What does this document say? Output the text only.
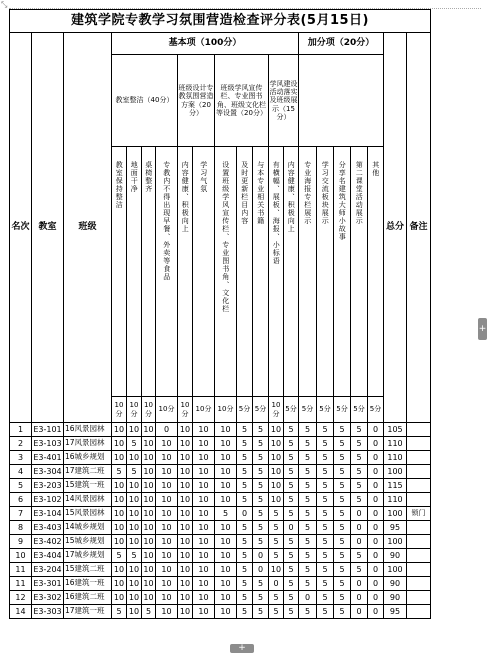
⤡
建筑学院专教学习氛围营造检查评分表(5月15日)																				
名次	教室	班级	基本项（100分）											加分项（20分）					总分	备注
			教室整洁（40分）				班级设计专教氛围营造方案（20分）		班级学风宣传栏、专业图书角、班级文化栏等设置（20分）			学风建设活动落实及班级展示（15分）								
			教室保持整洁	地面干净	桌椅整齐	专教内不得出现早餐、外卖等食品	内容健康、积极向上	学习气氛	设置班级学风宣传栏、专业图书角、文化栏	及时更新栏目内容	与本专业相关书籍	有横幅、展板、海报、小标语	内容健康、积极向上	专业海报专栏展示	学习交流板块展示	分享名建筑大师小故事	第二课堂活动展示	其他		
			10分	10分	10分	10分	10分	10分	10分	5分	5分	10分	5分	5分	5分	5分	5分	5分		
1	E3-101	16风景园林	10	10	10	0	10	10	10	5	5	10	5	5	5	5	5	0	105	
2	E3-103	17风景园林	10	5	10	10	10	10	10	5	5	10	5	5	5	5	5	0	110	
3	E3-401	16城乡规划	10	10	10	10	10	10	10	5	5	10	5	5	5	5	5	0	110	
4	E3-304	17建筑二班	5	5	10	10	10	10	10	5	5	10	5	5	5	5	5	0	100	
5	E3-203	15建筑一班	10	10	10	10	10	10	10	5	5	10	5	5	5	5	5	0	115	
6	E3-102	14风景园林	10	10	10	10	10	10	10	5	5	10	5	5	5	5	5	0	110	
7	E3-104	15风景园林	10	10	10	10	10	10	5	0	5	5	5	5	5	5	0	0	100	锁门
8	E3-403	14城乡规划	10	10	10	10	10	10	10	5	5	5	0	5	5	5	0	0	95	
9	E3-402	15城乡规划	10	10	10	10	10	10	10	5	5	5	5	5	5	5	0	0	100	
10	E3-404	17城乡规划	5	5	10	10	10	10	10	5	0	5	5	5	5	5	5	0	90	
11	E3-204	15建筑二班	10	10	10	10	10	10	10	5	0	10	5	5	5	5	5	0	100	
11	E3-301	16建筑一班	10	10	10	10	10	10	10	5	5	0	5	5	5	5	0	0	90	
12	E3-302	16建筑二班	10	10	10	10	10	10	10	5	5	5	5	0	5	5	0	0	90	
14	E3-303	17建筑一班	5	10	5	10	10	10	10	5	5	5	5	5	5	5	0	0	95	
+
+
